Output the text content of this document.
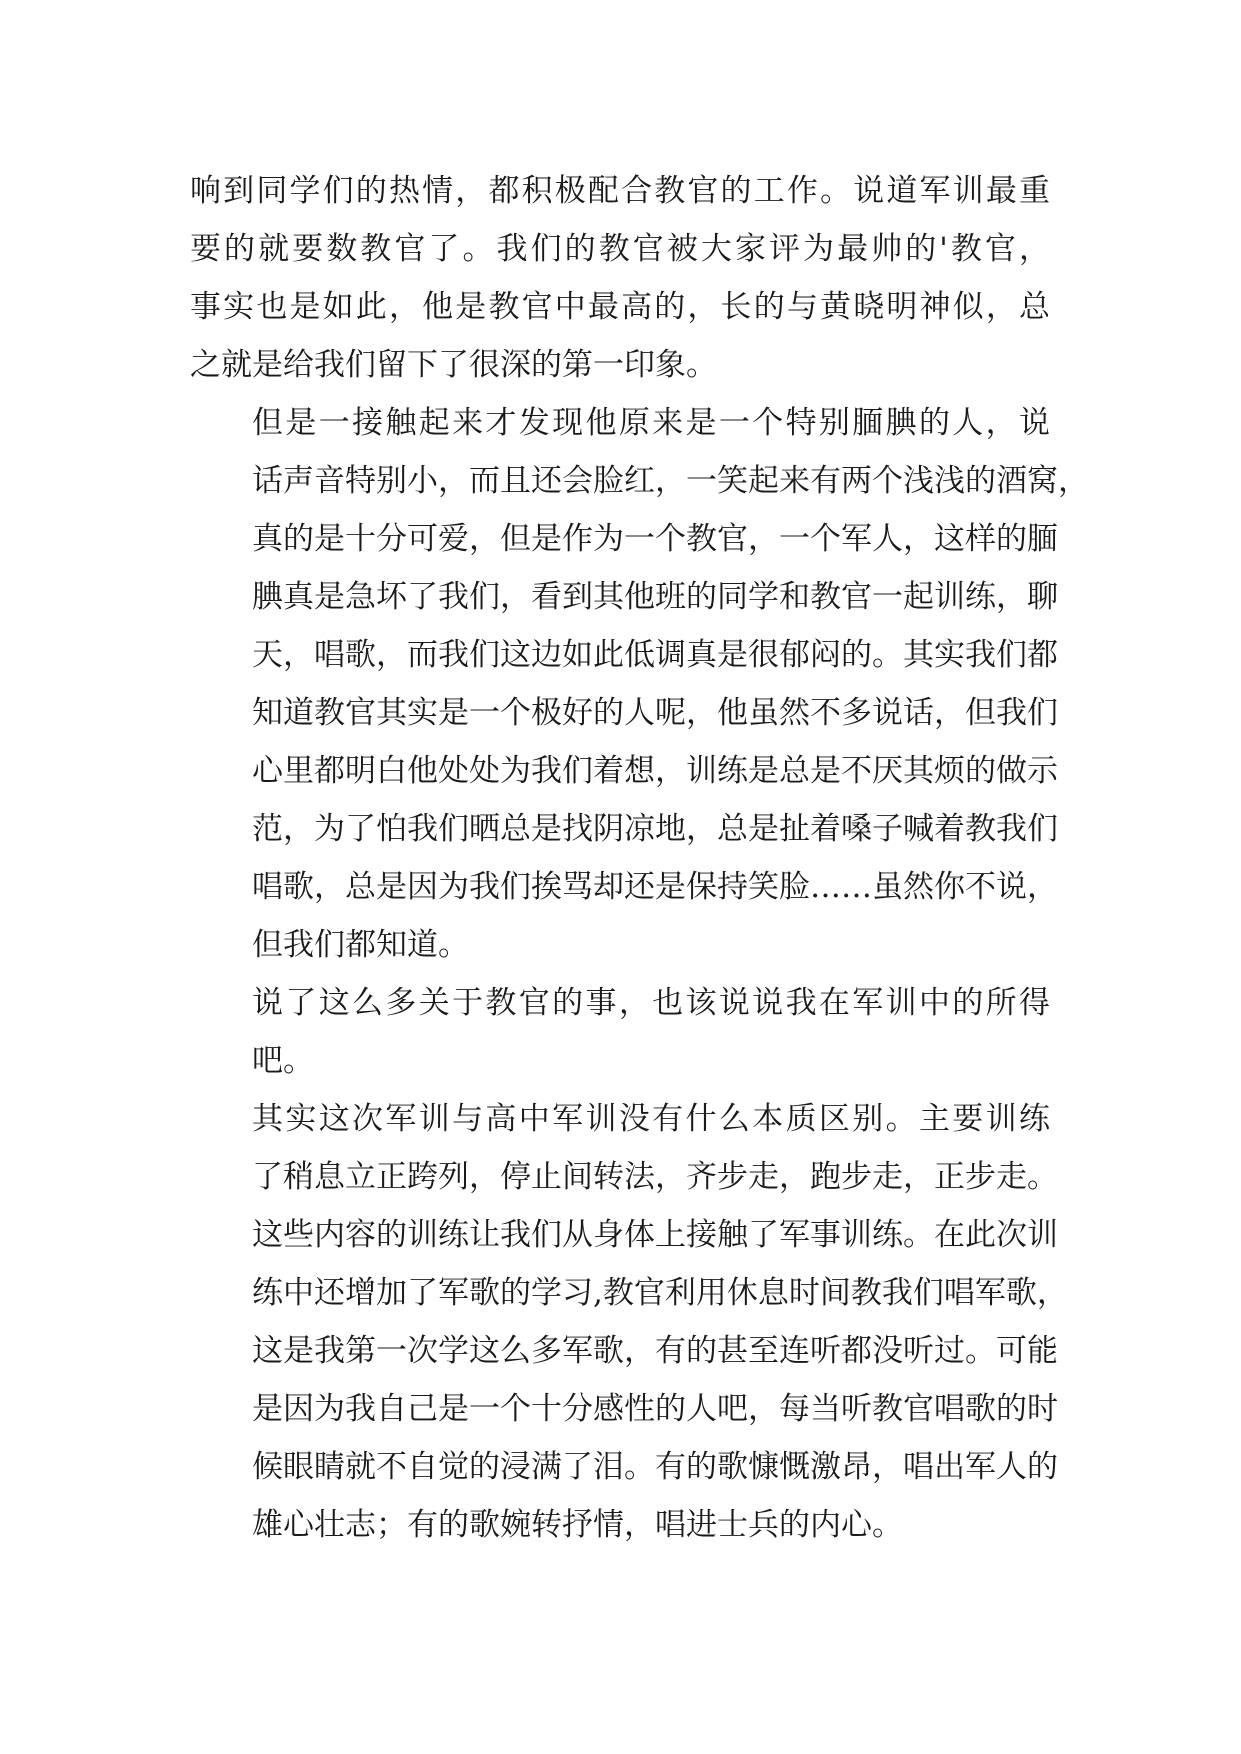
响到同学们的热情，都积极配合教官的工作。说道军训最重
要的就要数教官了。我们的教官被大家评为最帅的'教官，
事实也是如此，他是教官中最高的，长的与黄晓明神似，总
之就是给我们留下了很深的第一印象。

但是一接触起来才发现他原来是一个特别腼腆的人，说
话声音特别小，而且还会脸红，一笑起来有两个浅浅的酒窝，
真的是十分可爱，但是作为一个教官，一个军人，这样的腼
腆真是急坏了我们，看到其他班的同学和教官一起训练，聊
天，唱歌，而我们这边如此低调真是很郁闷的。其实我们都
知道教官其实是一个极好的人呢，他虽然不多说话，但我们
心里都明白他处处为我们着想，训练是总是不厌其烦的做示
范，为了怕我们晒总是找阴凉地，总是扯着嗓子喊着教我们
唱歌，总是因为我们挨骂却还是保持笑脸……虽然你不说，
但我们都知道。

说了这么多关于教官的事，也该说说我在军训中的所得
吧。

其实这次军训与高中军训没有什么本质区别。主要训练
了稍息立正跨列，停止间转法，齐步走，跑步走，正步走。
这些内容的训练让我们从身体上接触了军事训练。在此次训
练中还增加了军歌的学习,教官利用休息时间教我们唱军歌，
这是我第一次学这么多军歌，有的甚至连听都没听过。可能
是因为我自己是一个十分感性的人吧，每当听教官唱歌的时
候眼睛就不自觉的浸满了泪。有的歌慷慨激昂，唱出军人的
雄心壮志；有的歌婉转抒情，唱进士兵的内心。
